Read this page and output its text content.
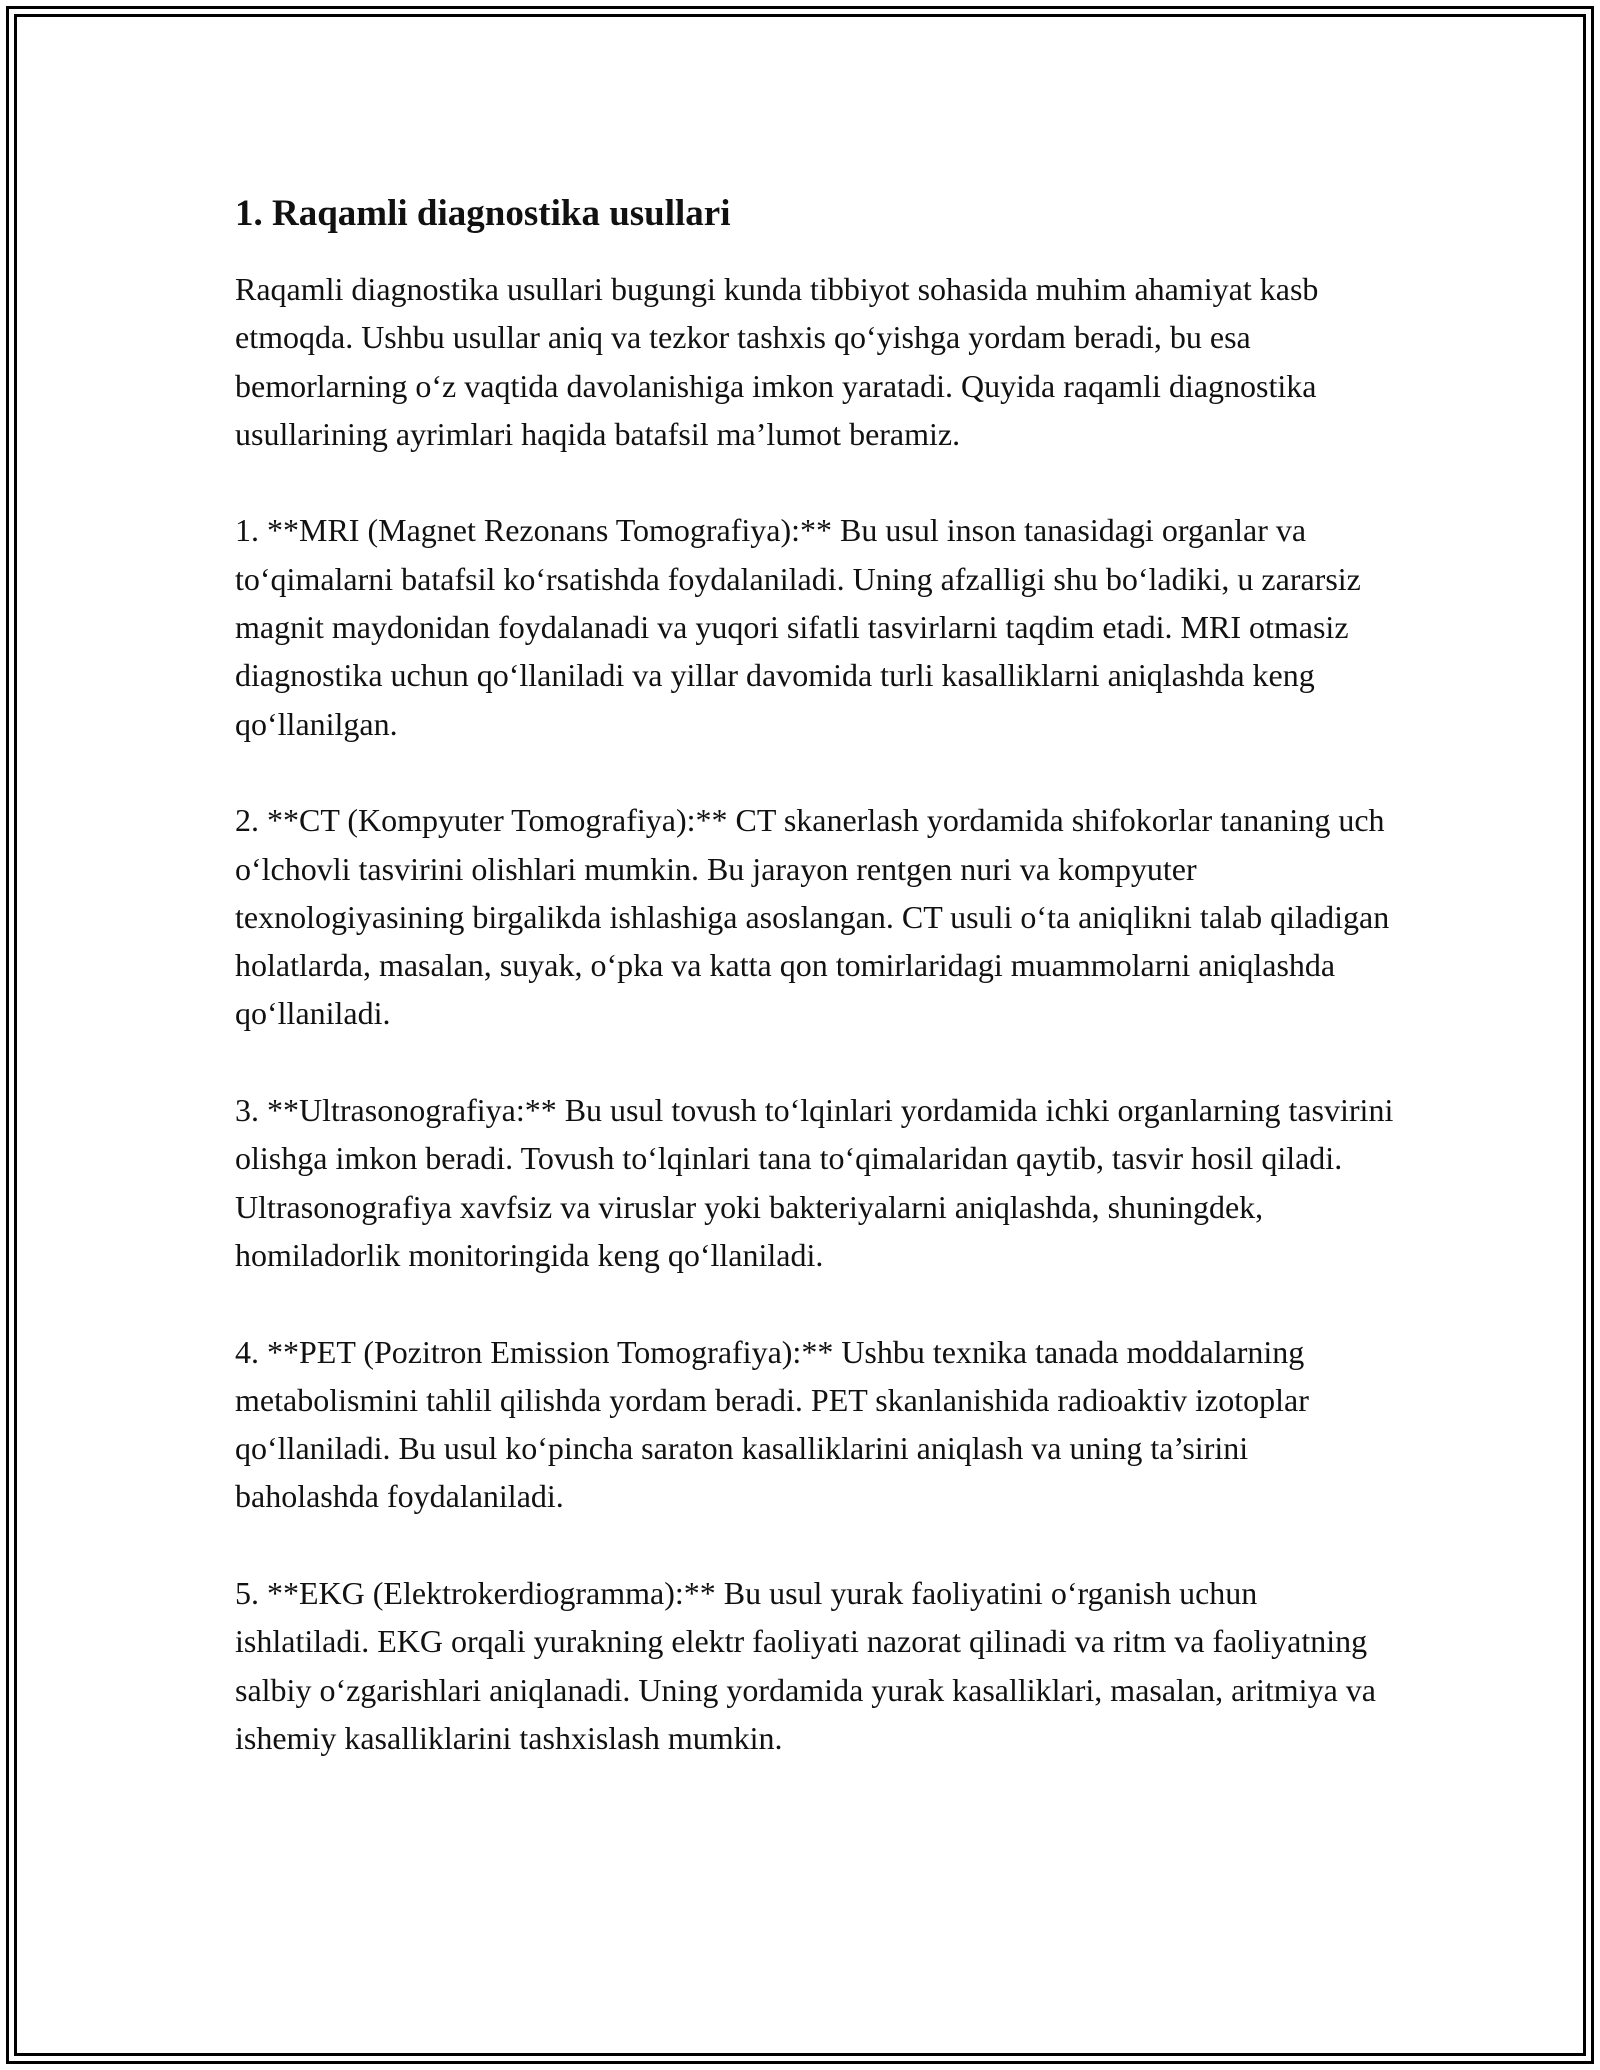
1. Raqamli diagnostika usullari

Raqamli diagnostika usullari bugungi kunda tibbiyot sohasida muhim ahamiyat kasb etmoqda. Ushbu usullar aniq va tezkor tashxis qo‘yishga yordam beradi, bu esa bemorlarning o‘z vaqtida davolanishiga imkon yaratadi. Quyida raqamli diagnostika usullarining ayrimlari haqida batafsil ma’lumot beramiz.

1. **MRI (Magnet Rezonans Tomografiya):** Bu usul inson tanasidagi organlar va to‘qimalarni batafsil ko‘rsatishda foydalaniladi. Uning afzalligi shu bo‘ladiki, u zararsiz magnit maydonidan foydalanadi va yuqori sifatli tasvirlarni taqdim etadi. MRI otmasiz diagnostika uchun qo‘llaniladi va yillar davomida turli kasalliklarni aniqlashda keng qo‘llanilgan.

2. **CT (Kompyuter Tomografiya):** CT skanerlash yordamida shifokorlar tananing uch o‘lchovli tasvirini olishlari mumkin. Bu jarayon rentgen nuri va kompyuter texnologiyasining birgalikda ishlashiga asoslangan. CT usuli o‘ta aniqlikni talab qiladigan holatlarda, masalan, suyak, o‘pka va katta qon tomirlaridagi muammolarni aniqlashda qo‘llaniladi.

3. **Ultrasonografiya:** Bu usul tovush to‘lqinlari yordamida ichki organlarning tasvirini olishga imkon beradi. Tovush to‘lqinlari tana to‘qimalaridan qaytib, tasvir hosil qiladi. Ultrasonografiya xavfsiz va viruslar yoki bakteriyalarni aniqlashda, shuningdek, homiladorlik monitoringida keng qo‘llaniladi.

4. **PET (Pozitron Emission Tomografiya):** Ushbu texnika tanada moddalarning metabolismini tahlil qilishda yordam beradi. PET skanlanishida radioaktiv izotoplar qo‘llaniladi. Bu usul ko‘pincha saraton kasalliklarini aniqlash va uning ta’sirini baholashda foydalaniladi.

5. **EKG (Elektrokerdiogramma):** Bu usul yurak faoliyatini o‘rganish uchun ishlatiladi. EKG orqali yurakning elektr faoliyati nazorat qilinadi va ritm va faoliyatning salbiy o‘zgarishlari aniqlanadi. Uning yordamida yurak kasalliklari, masalan, aritmiya va ishemiy kasalliklarini tashxislash mumkin.
